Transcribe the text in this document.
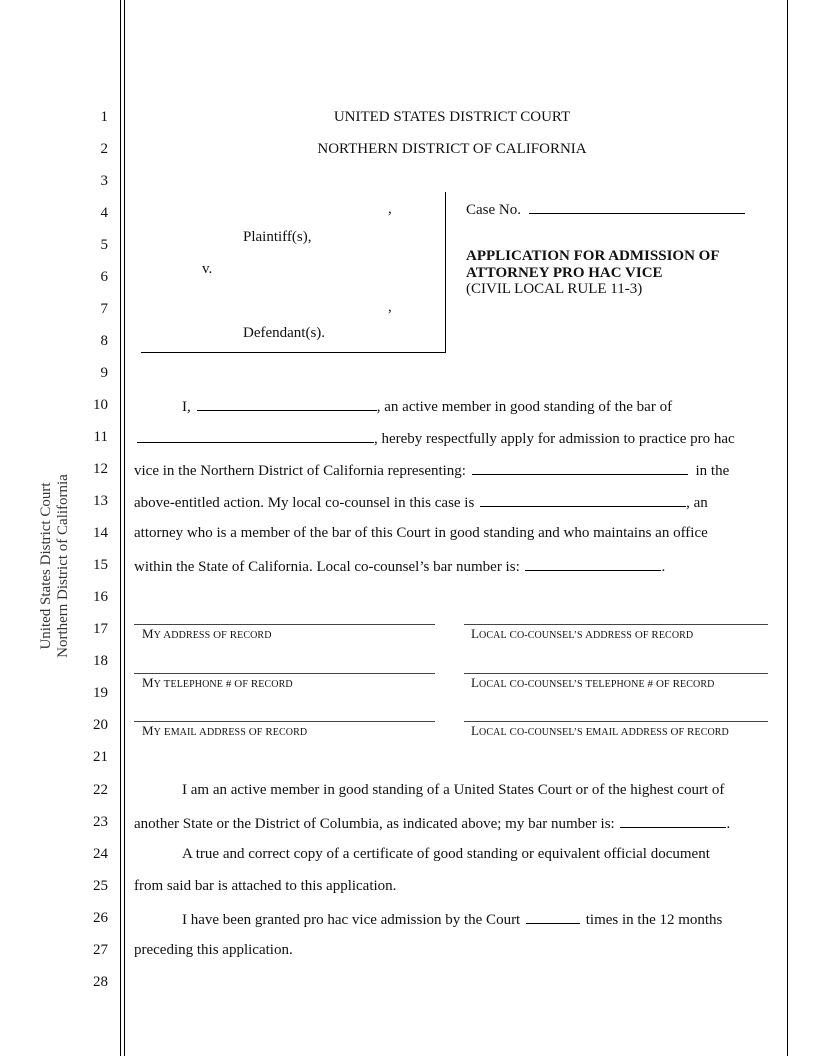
United States District Court Northern District of California
1
2
3
4
5
6
7
8
9
10
11
12
13
14
15
16
17
18
19
20
21
22
23
24
25
26
27
28
UNITED STATES DISTRICT COURT
NORTHERN DISTRICT OF CALIFORNIA
,
Plaintiff(s),
v.
,
Defendant(s).
Case No.
APPLICATION FOR ADMISSION OF
ATTORNEY PRO HAC VICE
(CIVIL LOCAL RULE 11-3)
I,	, an active member in good standing of the bar of
, hereby respectfully apply for admission to practice pro hac
vice in the Northern District of California representing:	in the
above-entitled action. My local co-counsel in this case is	, an
attorney who is a member of the bar of this Court in good standing and who maintains an office
within the State of California. Local co-counsel’s bar number is:	.
MY ADDRESS OF RECORD	LOCAL CO-COUNSEL’S ADDRESS OF RECORD
MY TELEPHONE # OF RECORD	LOCAL CO-COUNSEL’S TELEPHONE # OF RECORD
MY EMAIL ADDRESS OF RECORD	LOCAL CO-COUNSEL’S EMAIL ADDRESS OF RECORD
I am an active member in good standing of a United States Court or of the highest court of
another State or the District of Columbia, as indicated above; my bar number is:	.
A true and correct copy of a certificate of good standing or equivalent official document
from said bar is attached to this application.
I have been granted pro hac vice admission by the Court	times in the 12 months
preceding this application.
